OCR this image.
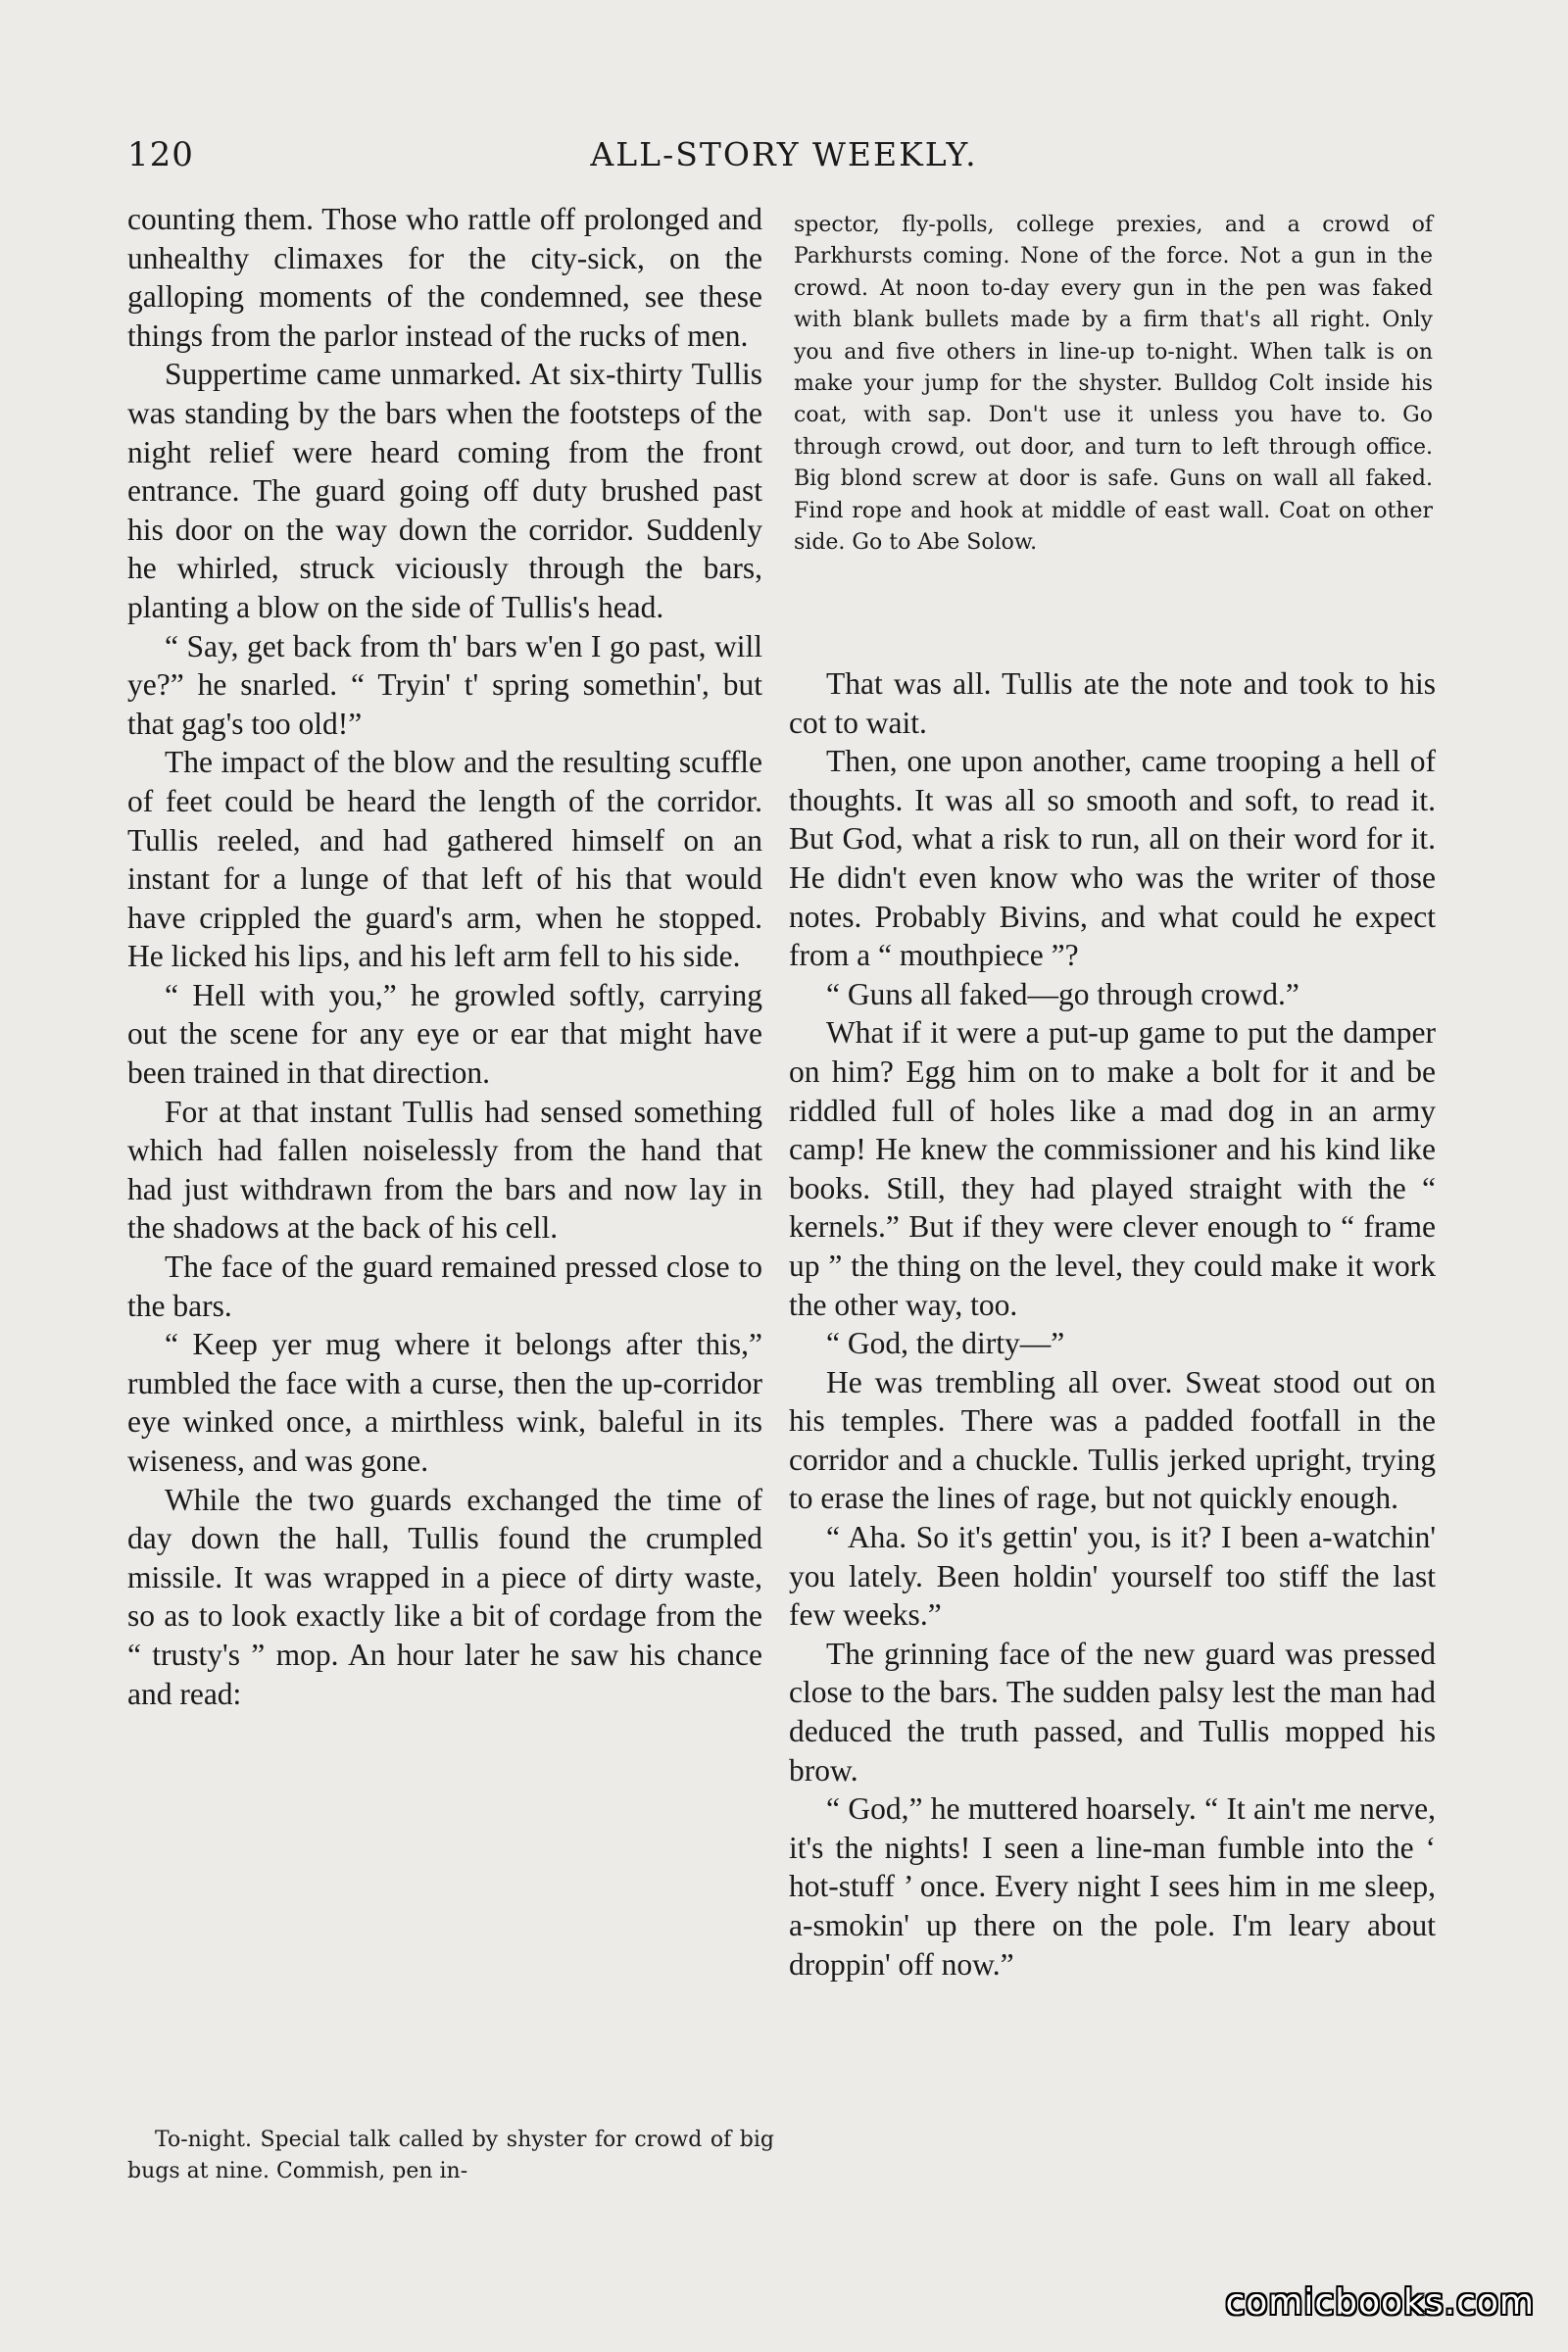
120	ALL-STORY WEEKLY.

counting them. Those who rattle off prolonged and unhealthy climaxes for the city-sick, on the galloping moments of the condemned, see these things from the parlor instead of the rucks of men.

Suppertime came unmarked. At six-thirty Tullis was standing by the bars when the footsteps of the night relief were heard coming from the front entrance. The guard going off duty brushed past his door on the way down the corridor. Suddenly he whirled, struck viciously through the bars, planting a blow on the side of Tullis's head.

“ Say, get back from th' bars w'en I go past, will ye?” he snarled. “ Tryin' t' spring somethin', but that gag's too old!”

The impact of the blow and the resulting scuffle of feet could be heard the length of the corridor. Tullis reeled, and had gathered himself on an instant for a lunge of that left of his that would have crippled the guard's arm, when he stopped. He licked his lips, and his left arm fell to his side.

“ Hell with you,” he growled softly, carrying out the scene for any eye or ear that might have been trained in that direction.

For at that instant Tullis had sensed something which had fallen noiselessly from the hand that had just withdrawn from the bars and now lay in the shadows at the back of his cell.

The face of the guard remained pressed close to the bars.

“ Keep yer mug where it belongs after this,” rumbled the face with a curse, then the up-corridor eye winked once, a mirthless wink, baleful in its wiseness, and was gone.

While the two guards exchanged the time of day down the hall, Tullis found the crumpled missile. It was wrapped in a piece of dirty waste, so as to look exactly like a bit of cordage from the “ trusty's ” mop. An hour later he saw his chance and read:

To-night. Special talk called by shyster for crowd of big bugs at nine. Commish, pen in-

spector, fly-polls, college prexies, and a crowd of Parkhursts coming. None of the force. Not a gun in the crowd. At noon to-day every gun in the pen was faked with blank bullets made by a firm that's all right. Only you and five others in line-up to-night. When talk is on make your jump for the shyster. Bulldog Colt inside his coat, with sap. Don't use it unless you have to. Go through crowd, out door, and turn to left through office. Big blond screw at door is safe. Guns on wall all faked. Find rope and hook at middle of east wall. Coat on other side. Go to Abe Solow.

That was all. Tullis ate the note and took to his cot to wait.

Then, one upon another, came trooping a hell of thoughts. It was all so smooth and soft, to read it. But God, what a risk to run, all on their word for it. He didn't even know who was the writer of those notes. Probably Bivins, and what could he expect from a “ mouthpiece ”?

“ Guns all faked—go through crowd.”

What if it were a put-up game to put the damper on him? Egg him on to make a bolt for it and be riddled full of holes like a mad dog in an army camp! He knew the commissioner and his kind like books. Still, they had played straight with the “ kernels.” But if they were clever enough to “ frame up ” the thing on the level, they could make it work the other way, too.

“ God, the dirty—”

He was trembling all over. Sweat stood out on his temples. There was a padded footfall in the corridor and a chuckle. Tullis jerked upright, trying to erase the lines of rage, but not quickly enough.

“ Aha. So it's gettin' you, is it? I been a-watchin' you lately. Been holdin' yourself too stiff the last few weeks.”

The grinning face of the new guard was pressed close to the bars. The sudden palsy lest the man had deduced the truth passed, and Tullis mopped his brow.

“ God,” he muttered hoarsely. “ It ain't me nerve, it's the nights! I seen a line-man fumble into the ‘ hot-stuff ’ once. Every night I sees him in me sleep, a-smokin' up there on the pole. I'm leary about droppin' off now.”

comicbooks.com
